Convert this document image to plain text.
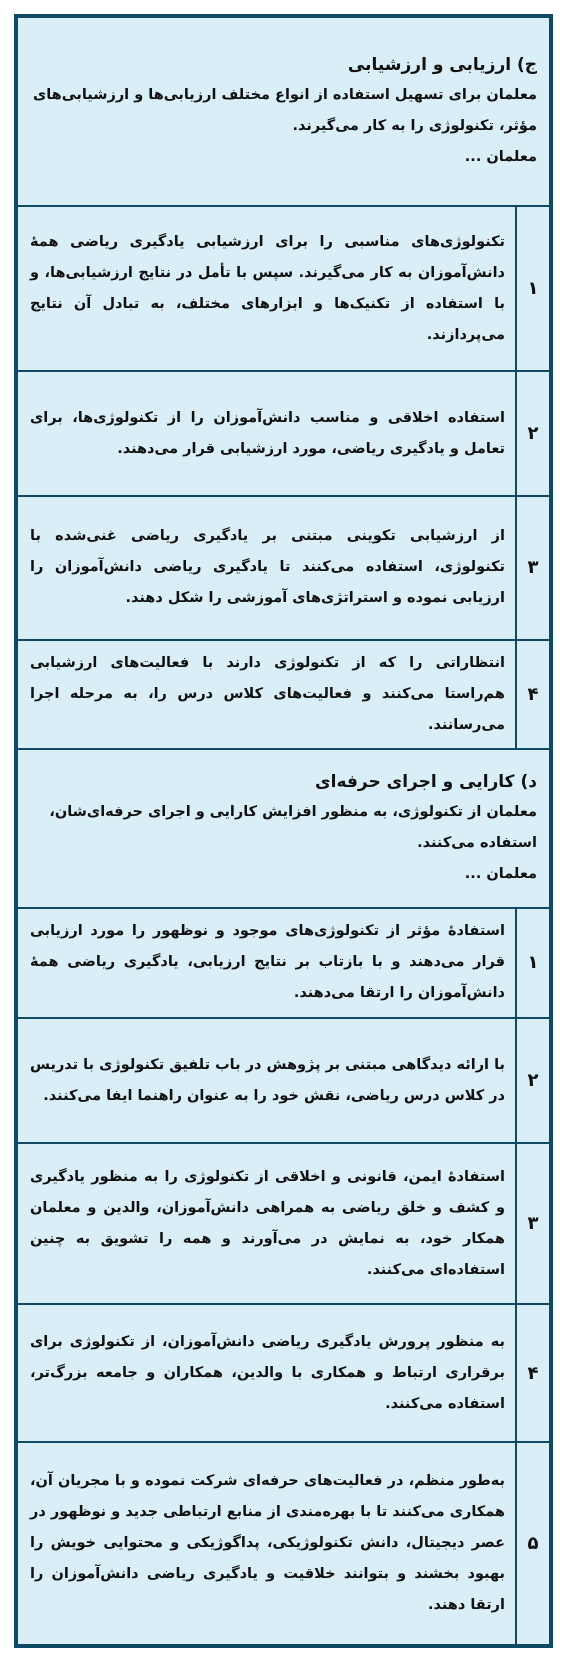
ج) ارزیابی و ارزشیابی

معلمان برای تسهیل استفاده از انواع مختلف ارزیابی‌ها و ارزشیابی‌های مؤثر، تکنولوژی را به کار می‌گیرند.

معلمان ...	

۱	تکنولوژی‌های مناسبی را برای ارزشیابی یادگیری ریاضی همهٔ دانش‌آموزان به کار می‌گیرند. سپس با تأمل در نتایج ارزشیابی‌ها، و با استفاده از تکنیک‌ها و ابزارهای مختلف، به تبادل آن نتایج می‌پردازند.
۲	استفاده اخلاقی و مناسب دانش‌آموزان را از تکنولوژی‌ها، برای تعامل و یادگیری ریاضی، مورد ارزشیابی قرار می‌دهند.
۳	از ارزشیابی تکوینی مبتنی بر یادگیری ریاضی غنی‌شده با تکنولوژی، استفاده می‌کنند تا یادگیری ریاضی دانش‌آموزان را ارزیابی نموده و استراتژی‌های آموزشی را شکل دهند.
۴	انتظاراتی را که از تکنولوژی دارند با فعالیت‌های ارزشیابی هم‌راستا می‌کنند و فعالیت‌های کلاس درس را، به مرحله اجرا می‌رسانند.

د) کارایی و اجرای حرفه‌ای

معلمان از تکنولوژی، به منظور افزایش کارایی و اجرای حرفه‌ای‌شان، استفاده می‌کنند.

معلمان ...	

۱	استفادهٔ مؤثر از تکنولوژی‌های موجود و نوظهور را مورد ارزیابی قرار می‌دهند و با بازتاب بر نتایج ارزیابی، یادگیری ریاضی همهٔ دانش‌آموزان را ارتقا می‌دهند.
۲	با ارائه دیدگاهی مبتنی بر پژوهش در باب تلفیق تکنولوژی با تدریس در کلاس درس ریاضی، نقش خود را به عنوان راهنما ایفا می‌کنند.
۳	استفادهٔ ایمن، قانونی و اخلاقی از تکنولوژی را به منظور یادگیری و کشف و خلق ریاضی به همراهی دانش‌آموزان، والدین و معلمان همکار خود، به نمایش در می‌آورند و همه را تشویق به چنین استفاده‌ای می‌کنند.
۴	به منظور پرورش یادگیری ریاضی دانش‌آموزان، از تکنولوژی برای برقراری ارتباط و همکاری با والدین، همکاران و جامعه بزرگ‌تر، استفاده می‌کنند.
۵	به‌طور منظم، در فعالیت‌های حرفه‌ای شرکت نموده و با مجریان آن، همکاری می‌کنند تا با بهره‌مندی از منابع ارتباطی جدید و نوظهور در عصر دیجیتال، دانش تکنولوژیکی، پداگوژیکی و محتوایی خویش را بهبود بخشند و بتوانند خلاقیت و یادگیری ریاضی دانش‌آموزان را ارتقا دهند.
